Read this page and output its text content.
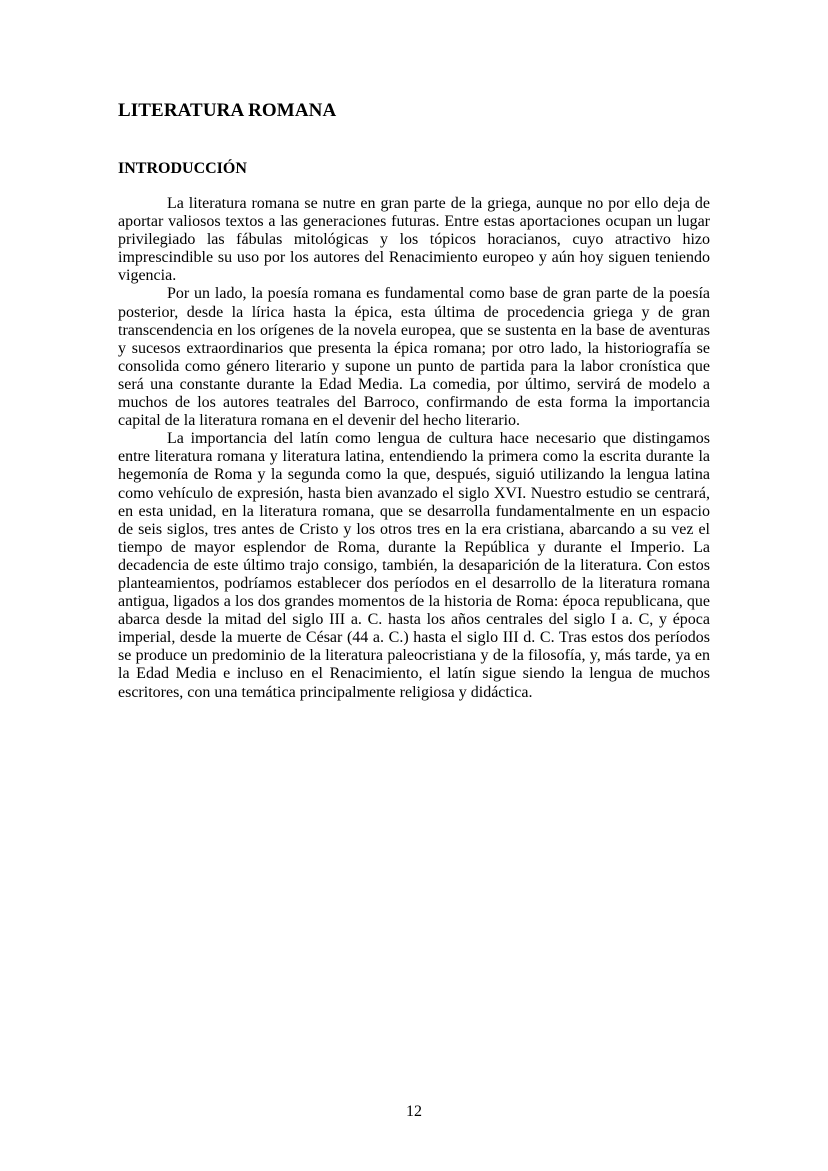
LITERATURA ROMANA
INTRODUCCIÓN

La literatura romana se nutre en gran parte de la griega, aunque no por ello deja de aportar valiosos textos a las generaciones futuras. Entre estas aportaciones ocupan un lugar privilegiado las fábulas mitológicas y los tópicos horacianos, cuyo atractivo hizo imprescindible su uso por los autores del Renacimiento europeo y aún hoy siguen teniendo vigencia.

Por un lado, la poesía romana es fundamental como base de gran parte de la poesía posterior, desde la lírica hasta la épica, esta última de procedencia griega y de gran transcendencia en los orígenes de la novela europea, que se sustenta en la base de aventuras y sucesos extraordinarios que presenta la épica romana; por otro lado, la historiografía se consolida como género literario y supone un punto de partida para la labor cronística que será una constante durante la Edad Media. La comedia, por último, servirá de modelo a muchos de los autores teatrales del Barroco, confirmando de esta forma la importancia capital de la literatura romana en el devenir del hecho literario.

La importancia del latín como lengua de cultura hace necesario que distingamos entre literatura romana y literatura latina, entendiendo la primera como la escrita durante la hegemonía de Roma y la segunda como la que, después, siguió utilizando la lengua latina como vehículo de expresión, hasta bien avanzado el siglo XVI. Nuestro estudio se centrará, en esta unidad, en la literatura romana, que se desarrolla fundamentalmente en un espacio de seis siglos, tres antes de Cristo y los otros tres en la era cristiana, abarcando a su vez el tiempo de mayor esplendor de Roma, durante la República y durante el Imperio. La decadencia de este último trajo consigo, también, la desaparición de la literatura. Con estos planteamientos, podríamos establecer dos períodos en el desarrollo de la literatura romana antigua, ligados a los dos grandes momentos de la historia de Roma: época republicana, que abarca desde la mitad del siglo III a. C. hasta los años centrales del siglo I a. C, y época imperial, desde la muerte de César (44 a. C.) hasta el siglo III d. C. Tras estos dos períodos se produce un predominio de la literatura paleocristiana y de la filosofía, y, más tarde, ya en la Edad Media e incluso en el Renacimiento, el latín sigue siendo la lengua de muchos escritores, con una temática principalmente religiosa y didáctica.

12
